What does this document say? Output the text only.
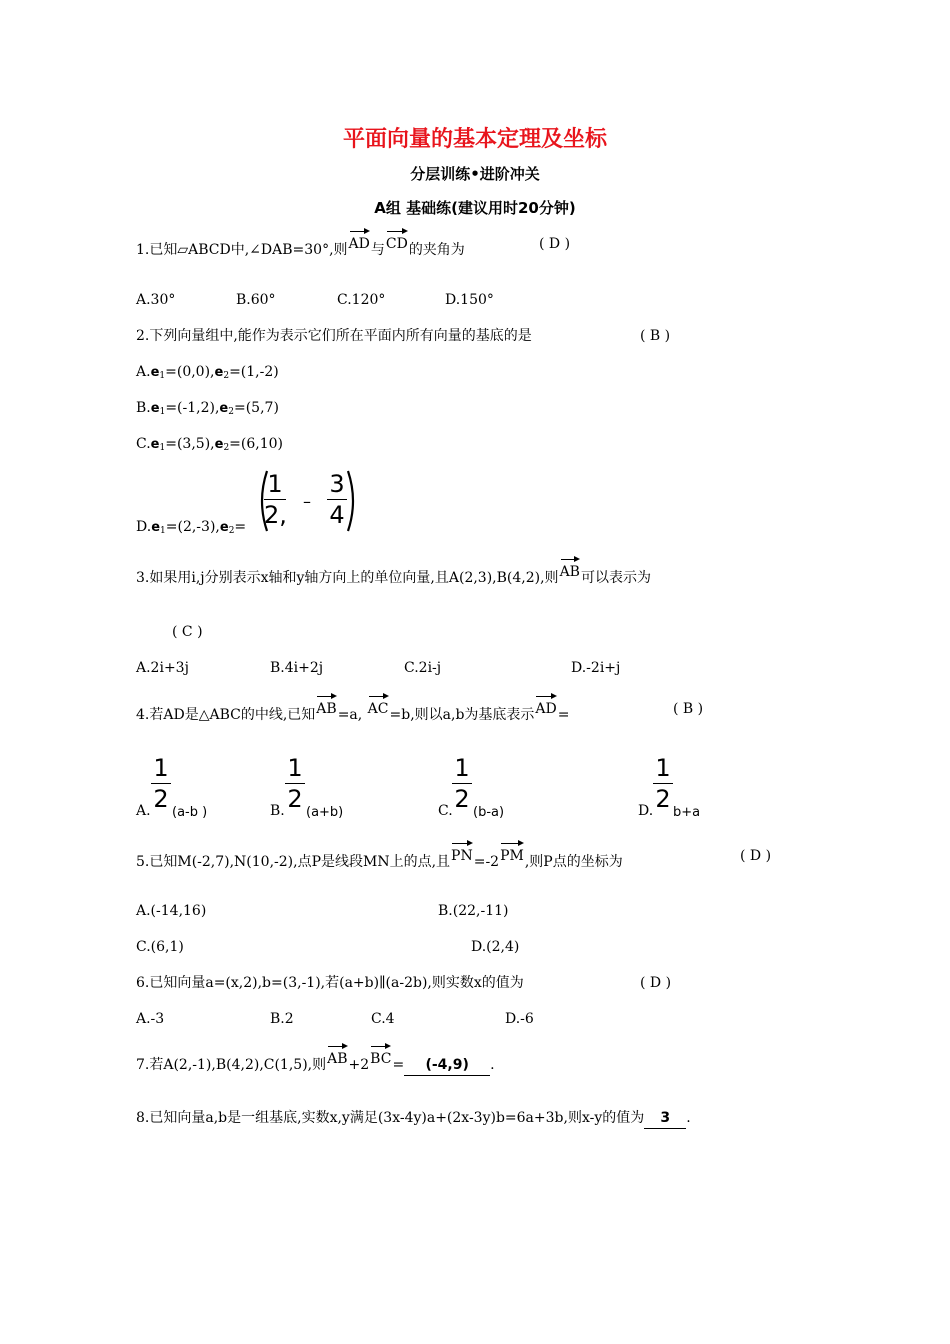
平面向量的基本定理及坐标
分层训练•进阶冲关
A组 基础练(建议用时20分钟)
1.已知▱ABCD中,∠DAB=30°,则AD与CD的夹角为	( D )
A.30°	B.60°	C.120°	D.150°
2.下列向量组中,能作为表示它们所在平面内所有向量的基底的是	( B )
$A.e_1=(0,0),e_2=(1,-2)$
$B.e_1=(-1,2),e_2=(5,7)$
$C.e_1=(3,5),e_2=(6,10)$
$D.e_1=(2,-3),e_2=$
1
2, –
3
4
3.如果用i,j分别表示x轴和y轴方向上的单位向量,且A(2,3),B(4,2),则AB可以表示为
( C )
A.2i+3j	B.4i+2j	C.2i-j	D.-2i+j
4.若AD是△ABC的中线,已知AB=a, AC=b,则以a,b为基底表示AD=	( B )
A.
1
2 (a-b )	B.
1
2 (a+b)	C.
1
2 (b-a)	D.
1
2 b+a
5.已知M(-2,7),N(10,-2),点P是线段MN上的点,且PN=-2PM,则P点的坐标为	( D )
A.(-14,16)	B.(22,-11)
C.(6,1)	D.(2,4)
6.已知向量a=(x,2),b=(3,-1),若(a+b)∥(a-2b),则实数x的值为	( D )
A.-3	B.2	C.4	D.-6
7.若A(2,-1),B(4,2),C(1,5),则AB+2BC= (-4,9) .
8.已知向量a,b是一组基底,实数x,y满足(3x-4y)a+(2x-3y)b=6a+3b,则x-y的值为 3 .
